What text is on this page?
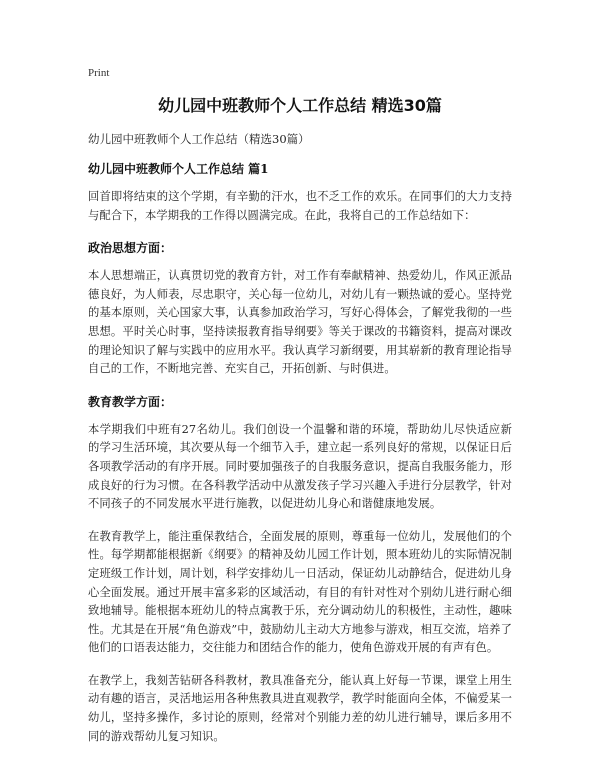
Print
幼儿园中班教师个人工作总结 精选30篇

幼儿园中班教师个人工作总结（精选30篇）

幼儿园中班教师个人工作总结 篇1

回首即将结束的这个学期，有辛勤的汗水，也不乏工作的欢乐。在同事们的大力支持与配合下，本学期我的工作得以圆满完成。在此，我将自己的工作总结如下：

政治思想方面：

本人思想端正，认真贯切党的教育方针，对工作有奉献精神、热爱幼儿，作风正派品德良好，为人师表，尽忠职守，关心每一位幼儿，对幼儿有一颗热诚的爱心。坚持党的基本原则，关心国家大事，认真参加政治学习，写好心得体会，了解党我彻的一些思想。平时关心时事，坚持读报教育指导纲要》等关于课改的书籍资料，提高对课改的理论知识了解与实践中的应用水平。我认真学习新纲要，用其崭新的教育理论指导自己的工作，不断地完善、充实自己，开拓创新、与时俱进。

教育教学方面：

本学期我们中班有27名幼儿。我们创设一个温馨和谐的环境，帮助幼儿尽快适应新的学习生活环境，其次要从每一个细节入手，建立起一系列良好的常规，以保证日后各项教学活动的有序开展。同时要加强孩子的自我服务意识，提高自我服务能力，形成良好的行为习惯。在各科教学活动中从激发孩子学习兴趣入手进行分层教学，针对不同孩子的不同发展水平进行施教，以促进幼儿身心和谐健康地发展。

在教育教学上，能注重保教结合，全面发展的原则，尊重每一位幼儿，发展他们的个性。每学期都能根据新《纲要》的精神及幼儿园工作计划，照本班幼儿的实际情况制定班级工作计划，周计划，科学安排幼儿一日活动，保证幼儿动静结合，促进幼儿身心全面发展。通过开展丰富多彩的区域活动，有目的有针对性对个别幼儿进行耐心细致地辅导。能根据本班幼儿的特点寓教于乐，充分调动幼儿的积极性，主动性，趣味性。尤其是在开展“角色游戏”中，鼓励幼儿主动大方地参与游戏，相互交流，培养了他们的口语表达能力，交往能力和团结合作的能力，使角色游戏开展的有声有色。

在教学上，我刻苦钻研各科教材，教具准备充分，能认真上好每一节课，课堂上用生动有趣的语言，灵活地运用各种焦教具进直观教学，教学时能面向全体，不偏爱某一幼儿，坚持多操作，多讨论的原则，经常对个别能力差的幼儿进行辅导，课后多用不同的游戏帮幼儿复习知识。
